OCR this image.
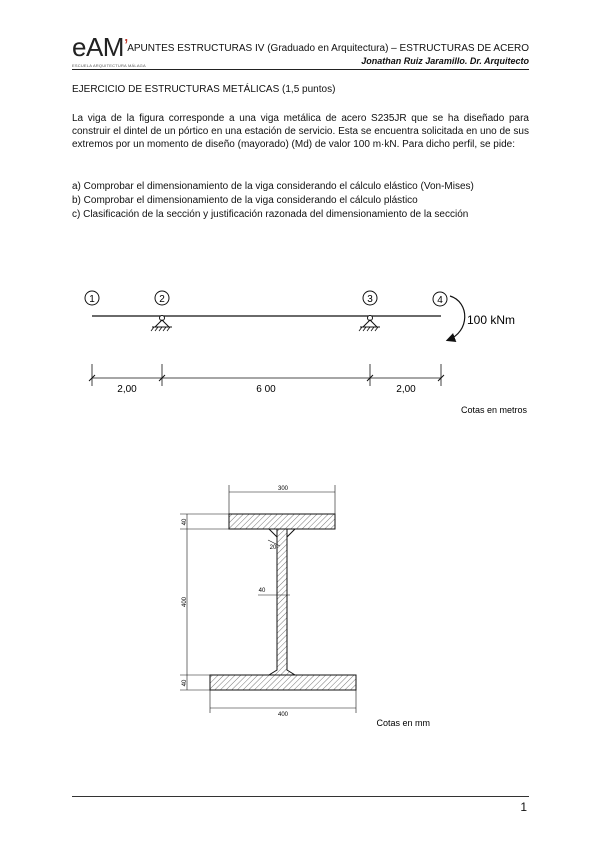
eAM’
ESCUELA ARQUITECTURA MÁLAGA
APUNTES ESTRUCTURAS IV (Graduado en Arquitectura) – ESTRUCTURAS DE ACERO
Jonathan Ruiz Jaramillo. Dr. Arquitecto
EJERCICIO DE ESTRUCTURAS METÁLICAS (1,5 puntos)
La viga de la figura corresponde a una viga metálica de acero S235JR que se ha diseñado para construir el dintel de un pórtico en una estación de servicio. Esta se encuentra solicitada en uno de sus extremos por un momento de diseño (mayorado) (Md) de valor 100 m·kN. Para dicho perfil, se pide:
a) Comprobar el dimensionamiento de la viga considerando el cálculo elástico (Von-Mises)
b) Comprobar el dimensionamiento de la viga considerando el cálculo plástico
c) Clasificación de la sección y justificación razonada del dimensionamiento de la sección
1	2	3	4
100 kNm
2,00	6 00	2,00
Cotas en metros
300
400
40
400
40
40
20
Cotas en mm
1
